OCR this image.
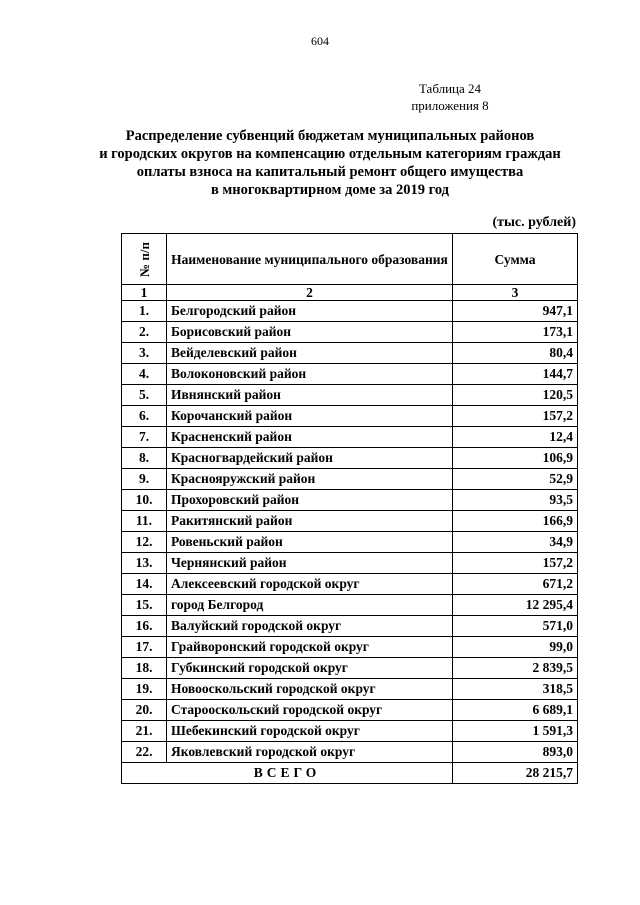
604
Таблица 24
приложения 8
Распределение субвенций бюджетам муниципальных районов
и городских округов на компенсацию отдельным категориям граждан
оплаты взноса на капитальный ремонт общего имущества
в многоквартирном доме за 2019 год
(тыс. рублей)
№ п/п	Наименование муниципального образования	Сумма
1	2	3
1.	Белгородский район	947,1
2.	Борисовский район	173,1
3.	Вейделевский район	80,4
4.	Волоконовский район	144,7
5.	Ивнянский район	120,5
6.	Корочанский район	157,2
7.	Красненский район	12,4
8.	Красногвардейский район	106,9
9.	Краснояружский район	52,9
10.	Прохоровский район	93,5
11.	Ракитянский район	166,9
12.	Ровеньский район	34,9
13.	Чернянский район	157,2
14.	Алексеевский городской округ	671,2
15.	город Белгород	12 295,4
16.	Валуйский городской округ	571,0
17.	Грайворонский городской округ	99,0
18.	Губкинский городской округ	2 839,5
19.	Новооскольский городской округ	318,5
20.	Старооскольский городской округ	6 689,1
21.	Шебекинский городской округ	1 591,3
22.	Яковлевский городской округ	893,0
ВСЕГО		28 215,7
